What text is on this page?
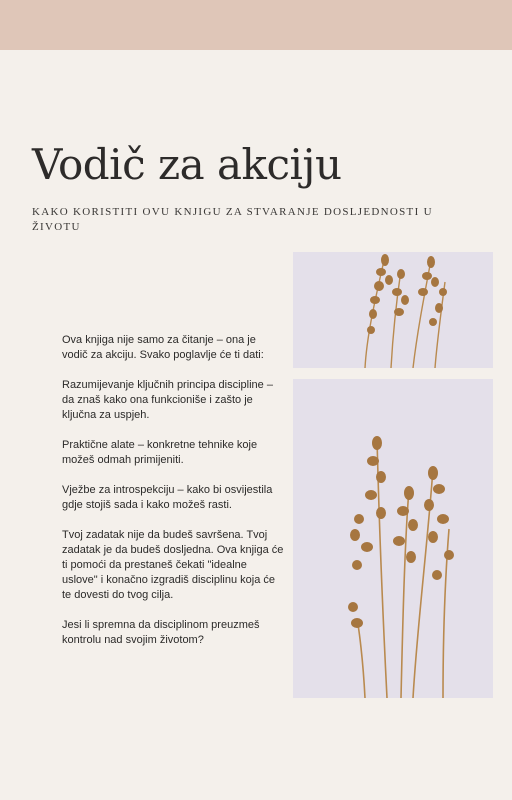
Vodič za akciju

KAKO KORISTITI OVU KNJIGU ZA STVARANJE DOSLJEDNOSTI U ŽIVOTU

Ova knjiga nije samo za čitanje – ona je vodič za akciju. Svako poglavlje će ti dati:

Razumijevanje ključnih principa discipline – da znaš kako ona funkcioniše i zašto je ključna za uspjeh.

Praktične alate – konkretne tehnike koje možeš odmah primijeniti.

Vježbe za introspekciju – kako bi osvijestila gdje stojiš sada i kako možeš rasti.

Tvoj zadatak nije da budeš savršena. Tvoj zadatak je da budeš dosljedna. Ova knjiga će ti pomoći da prestaneš čekati "idealne uslove" i konačno izgradiš disciplinu koja će te dovesti do tvog cilja.

Jesi li spremna da disciplinom preuzmeš kontrolu nad svojim životom?
